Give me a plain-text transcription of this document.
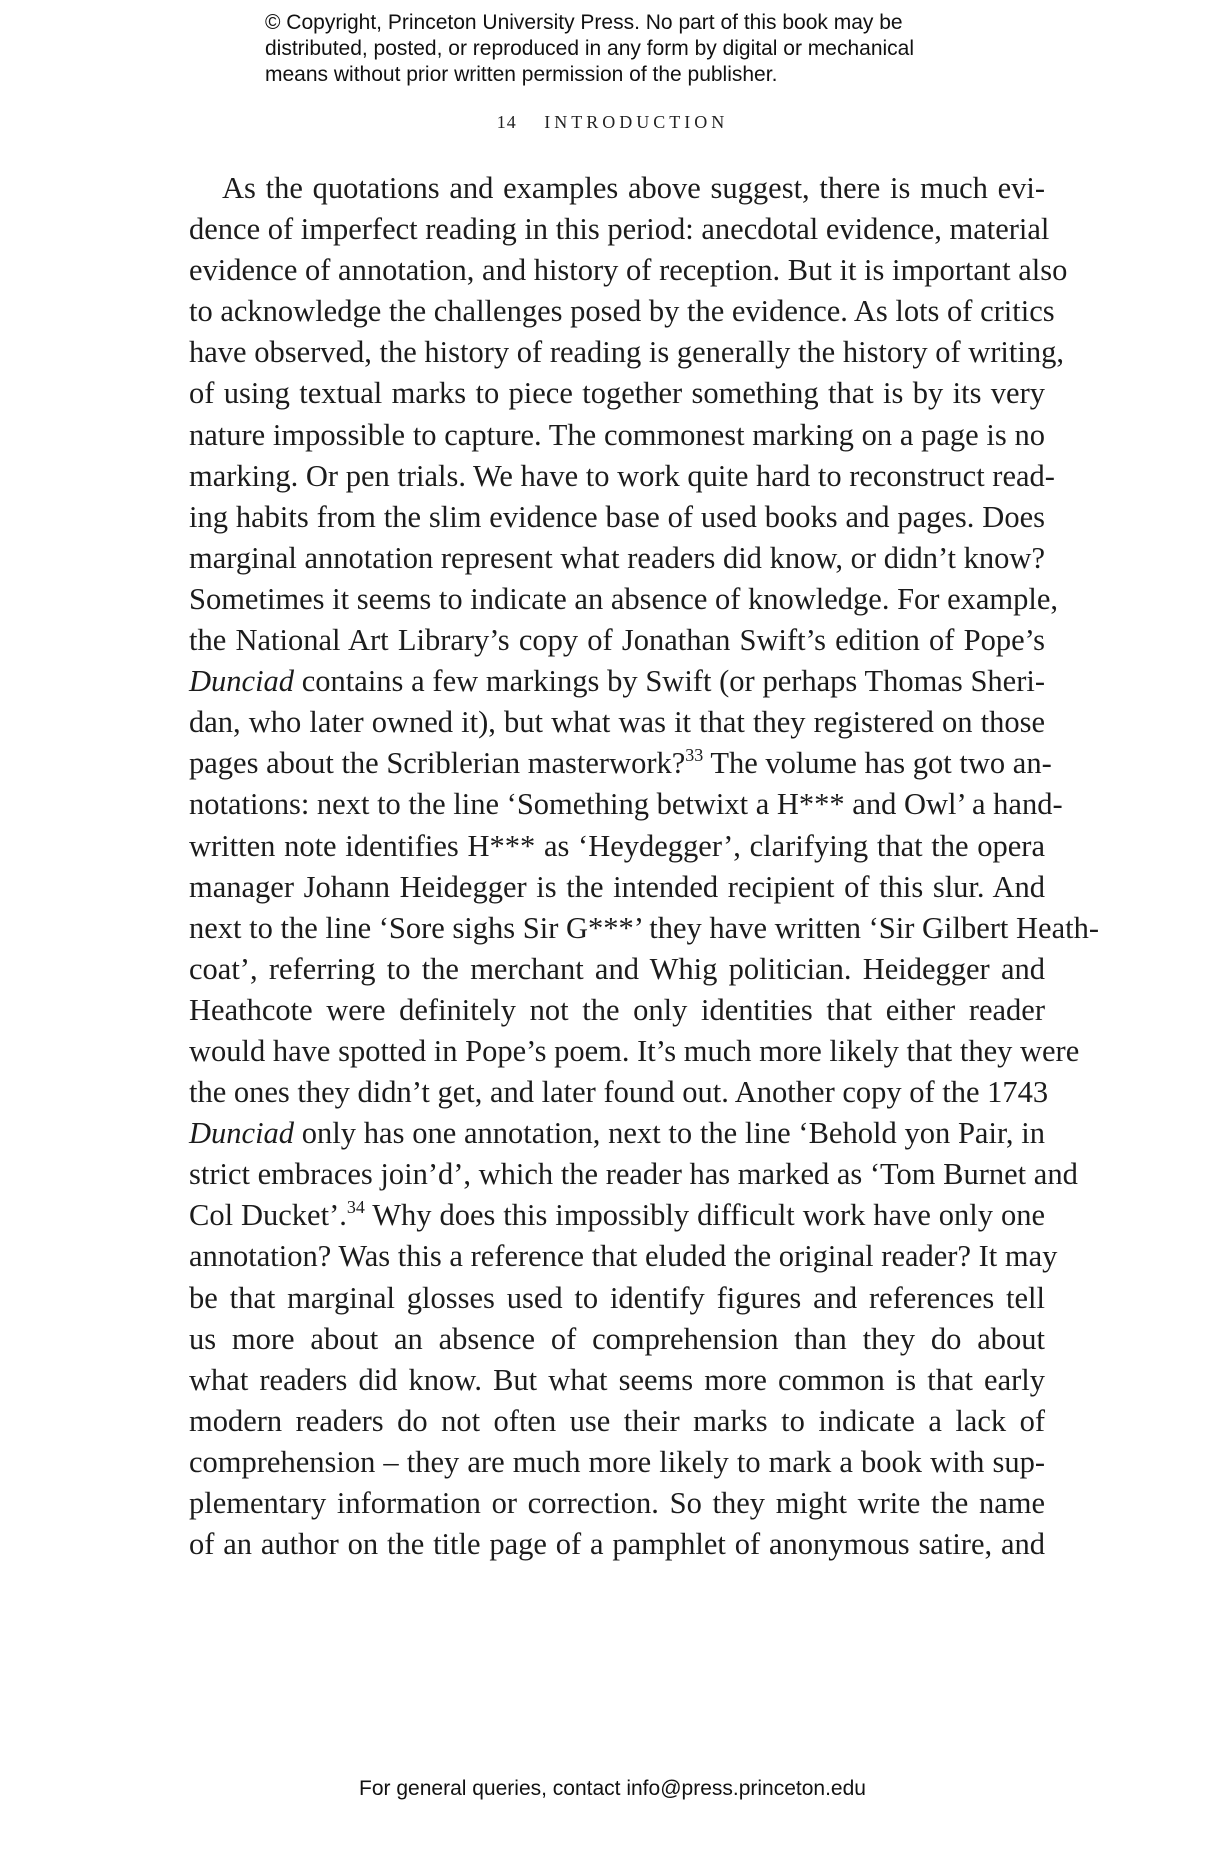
© Copyright, Princeton University Press. No part of this book may be
distributed, posted, or reproduced in any form by digital or mechanical
means without prior written permission of the publisher.
14 INTRODUCTION
As the quotations and examples above suggest, there is much evi-
dence of imperfect reading in this period: anecdotal evidence, material
evidence of annotation, and history of reception. But it is important also
to acknowledge the challenges posed by the evidence. As lots of critics
have observed, the history of reading is generally the history of writing,
of using textual marks to piece together something that is by its very
nature impossible to capture. The commonest marking on a page is no
marking. Or pen trials. We have to work quite hard to reconstruct read-
ing habits from the slim evidence base of used books and pages. Does
marginal annotation represent what readers did know, or didn’t know?
Sometimes it seems to indicate an absence of knowledge. For example,
the National Art Library’s copy of Jonathan Swift’s edition of Pope’s
Dunciad contains a few markings by Swift (or perhaps Thomas Sheri-
dan, who later owned it), but what was it that they registered on those
pages about the Scriblerian masterwork?$^{33}$ The volume has got two an-
notations: next to the line ‘Something betwixt a H*** and Owl’ a hand-
written note identifies H*** as ‘Heydegger’, clarifying that the opera
manager Johann Heidegger is the intended recipient of this slur. And
next to the line ‘Sore sighs Sir G***’ they have written ‘Sir Gilbert Heath-
coat’, referring to the merchant and Whig politician. Heidegger and
Heathcote were definitely not the only identities that either reader
would have spotted in Pope’s poem. It’s much more likely that they were
the ones they didn’t get, and later found out. Another copy of the 1743
Dunciad only has one annotation, next to the line ‘Behold yon Pair, in
strict embraces join’d’, which the reader has marked as ‘Tom Burnet and
Col Ducket’.$^{34}$ Why does this impossibly difficult work have only one
annotation? Was this a reference that eluded the original reader? It may
be that marginal glosses used to identify figures and references tell
us more about an absence of comprehension than they do about
what readers did know. But what seems more common is that early
modern readers do not often use their marks to indicate a lack of
comprehension – they are much more likely to mark a book with sup-
plementary information or correction. So they might write the name
of an author on the title page of a pamphlet of anonymous satire, and
For general queries, contact info@press.princeton.edu
